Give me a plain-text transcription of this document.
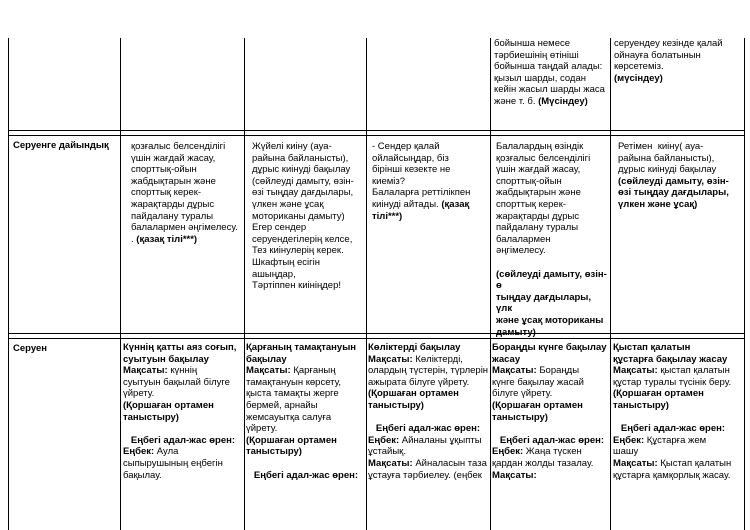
бойынша немесе
тәрбиешінің өтініші
бойынша таңдай алады:
қызыл шарды, содан
кейін жасыл шарды жаса
және т. б. (Мүсіндеу)
серуендеу кезінде қалай
ойнауға болатынын
көрсетеміз.
(мүсіндеу)
Серуенге дайындық қозғалыс белсенділігі
үшін жағдай жасау,
спорттық-ойын
жабдықтарын және
спорттық керек-
жарақтарды дұрыс
пайдалану туралы
балалармен әңгімелесу.
. (қазақ тілі***)
Жүйелі киіну (ауа-
райына байланысты),
дұрыс киінуді бақылау
(сөйлеуді дамыту, өзін-
өзі тыңдау дағдылары,
үлкен және ұсақ
моториканы дамыту)
Егер сендер
серуендегілерің келсе,
Тез киінулерің керек.
Шкафтың есігін
ашыңдар,
Тәртіппен киініңдер!
- Сендер қалай
ойлайсыңдар, біз
бірінші кезекте не
киеміз?
Балаларға реттілікпен
киінуді айтады. (қазақ
тілі***)
Балалардың өзіндік
қозғалыс белсенділігі
үшін жағдай жасау,
спорттық-ойын
жабдықтарын және
спорттық керек-
жарақтарды дұрыс
пайдалану туралы
балалармен
әңгімелесу.

(сөйлеуді дамыту, өзін-ө
тыңдау дағдылары, үлк
және ұсақ моториканы
дамыту)
Ретімен  киіну( ауа-
райына байланысты),
дұрыс киінуді бақылау
(сөйлеуді дамыту, өзін-
өзі тыңдау дағдылары,
үлкен және ұсақ)
Серуен	Күннің қатты аяз соғып,
суытуын бақылау
Мақсаты: күннің
суытуын бақылай білуге
үйрету.
(Қоршаған ортамен
таныстыру)

Еңбегі адал-жас өрен:
Еңбек: Аула
сыпырушының еңбегін
бақылау.
Қарғаның тамақтануын
бақылау
Мақсаты: Қарғаның
тамақтануын көрсету,
қыста тамақты жерге
бермей, арнайы
жемсауытқа салуға
үйрету.
(Қоршаған ортамен
таныстыру)

Еңбегі адал-жас өрен:
Көліктерді бақылау
Мақсаты: Көліктерді,
олардың түстерін, түрлерін
ажырата білуге үйрету.
(Қоршаған ортамен
таныстыру)

Еңбегі адал-жас өрен:
Еңбек: Айналаны ұқыпты
ұстайық.
Мақсаты: Айналасын таза
ұстауға тәрбиелеу. (еңбек
Бораңды күнге бақылау
жасау
Мақсаты: Бораңды
күнге бақылау жасай
білуге үйрету.
(Қоршаған ортамен
таныстыру)

Еңбегі адал-жас өрен:
Еңбек: Жаңа түскен
қардан жолды тазалау.
Мақсаты:
Қыстап қалатын
құстарға бақылау жасау
Мақсаты: қыстап қалатын
құстар туралы түсінік беру.
(Қоршаған ортамен
таныстыру)

Еңбегі адал-жас өрен:
Еңбек: Құстарға жем
шашу
Мақсаты: Қыстап қалатын
құстарға қамқорлық жасау.
